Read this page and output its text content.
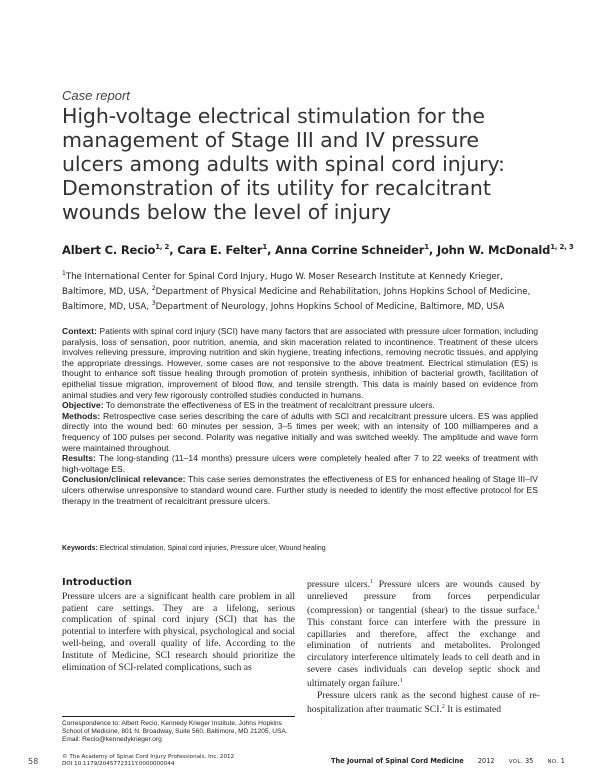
Case report
High-voltage electrical stimulation for the
management of Stage III and IV pressure
ulcers among adults with spinal cord injury:
Demonstration of its utility for recalcitrant
wounds below the level of injury
Albert C. Recio$^{1, 2}$, Cara E. Felter$^1$, Anna Corrine Schneider$^1$, John W. McDonald$^{1, 2, 3}$
$^1$The International Center for Spinal Cord Injury, Hugo W. Moser Research Institute at Kennedy Krieger, Baltimore, MD, USA, $^2$Department of Physical Medicine and Rehabilitation, Johns Hopkins School of Medicine, Baltimore, MD, USA, $^3$Department of Neurology, Johns Hopkins School of Medicine, Baltimore, MD, USA

Context: Patients with spinal cord injury (SCI) have many factors that are associated with pressure ulcer formation, including paralysis, loss of sensation, poor nutrition, anemia, and skin maceration related to incontinence. Treatment of these ulcers involves relieving pressure, improving nutrition and skin hygiene, treating infections, removing necrotic tissues, and applying the appropriate dressings. However, some cases are not responsive to the above treatment. Electrical stimulation (ES) is thought to enhance soft tissue healing through promotion of protein synthesis, inhibition of bacterial growth, facilitation of epithelial tissue migration, improvement of blood flow, and tensile strength. This data is mainly based on evidence from animal studies and very few rigorously controlled studies conducted in humans.

Objective: To demonstrate the effectiveness of ES in the treatment of recalcitrant pressure ulcers.

Methods: Retrospective case series describing the care of adults with SCI and recalcitrant pressure ulcers. ES was applied directly into the wound bed: 60 minutes per session, 3–5 times per week; with an intensity of 100 milliamperes and a frequency of 100 pulses per second. Polarity was negative initially and was switched weekly. The amplitude and wave form were maintained throughout.

Results: The long-standing (11–14 months) pressure ulcers were completely healed after 7 to 22 weeks of treatment with high-voltage ES.

Conclusion/clinical relevance: This case series demonstrates the effectiveness of ES for enhanced healing of Stage III–IV ulcers otherwise unresponsive to standard wound care. Further study is needed to identify the most effective protocol for ES therapy in the treatment of recalcitrant pressure ulcers.

Keywords: Electrical stimulation, Spinal cord injuries, Pressure ulcer, Wound healing
Introduction

Pressure ulcers are a significant health care problem in all patient care settings. They are a lifelong, serious complication of spinal cord injury (SCI) that has the potential to interfere with physical, psychological and social well-being, and overall quality of life. According to the Institute of Medicine, SCI research should prioritize the elimination of SCI-related complications, such as

pressure ulcers.$^1$ Pressure ulcers are wounds caused by unrelieved pressure from forces perpendicular (compression) or tangential (shear) to the tissue surface.$^1$ This constant force can interfere with the pressure in capillaries and therefore, affect the exchange and elimination of nutrients and metabolites. Prolonged circulatory interference ultimately leads to cell death and in severe cases individuals can develop septic shock and ultimately organ failure.$^1$

Pressure ulcers rank as the second highest cause of re-hospitalization after traumatic SCI.$^2$ It is estimated

Correspondence to: Albert Recio, Kennedy Krieger Institute, Johns Hopkins
School of Medicine, 801 N. Broadway, Suite 560, Baltimore, MD 21205, USA.
Email: Recio@kennedykrieger.org
58	© The Academy of Spinal Cord Injury Professionals, Inc. 2012
DOI 10.1179/2045772311Y.0000000044	The Journal of Spinal Cord Medicine 2012	VOL. 35	NO. 1
